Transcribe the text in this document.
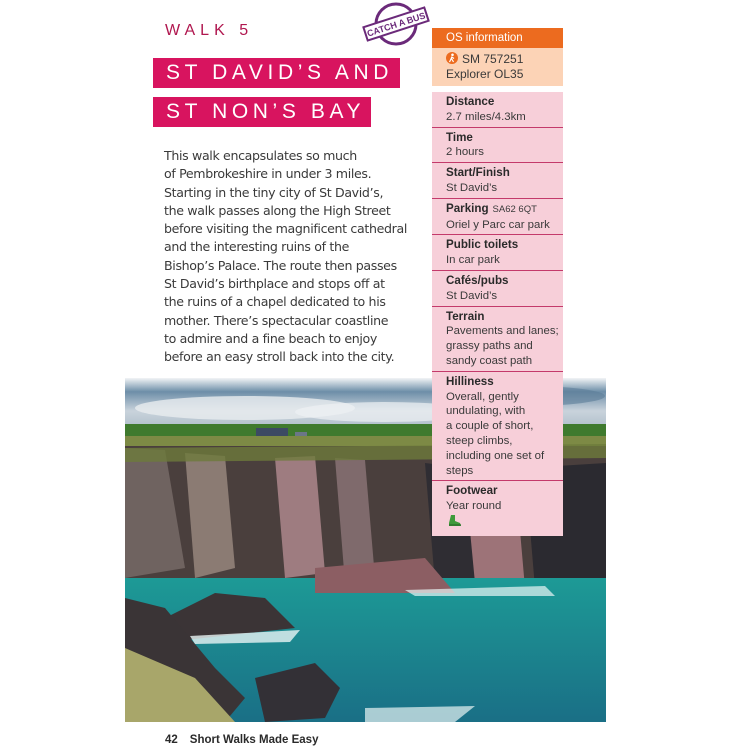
WALK 5	CATCH A BUS
ST DAVID’S AND
ST NON’S BAY
This walk encapsulates so much
of Pembrokeshire in under 3 miles.
Starting in the tiny city of St David’s,
the walk passes along the High Street
before visiting the magnificent cathedral
and the interesting ruins of the
Bishop’s Palace. The route then passes
St David’s birthplace and stops off at
the ruins of a chapel dedicated to his
mother. There’s spectacular coastline
to admire and a fine beach to enjoy
before an easy stroll back into the city.
OS information
SM 757251
Explorer OL35
Distance
2.7 miles/4.3km
Time
2 hours
Start/Finish
St David’s
Parking SA62 6QT
Oriel y Parc car park
Public toilets
In car park
Cafés/pubs
St David’s
Terrain
Pavements and lanes;
grassy paths and
sandy coast path
Hilliness
Overall, gently
undulating, with
a couple of short,
steep climbs,
including one set of
steps
Footwear
Year round
42 Short Walks Made Easy
